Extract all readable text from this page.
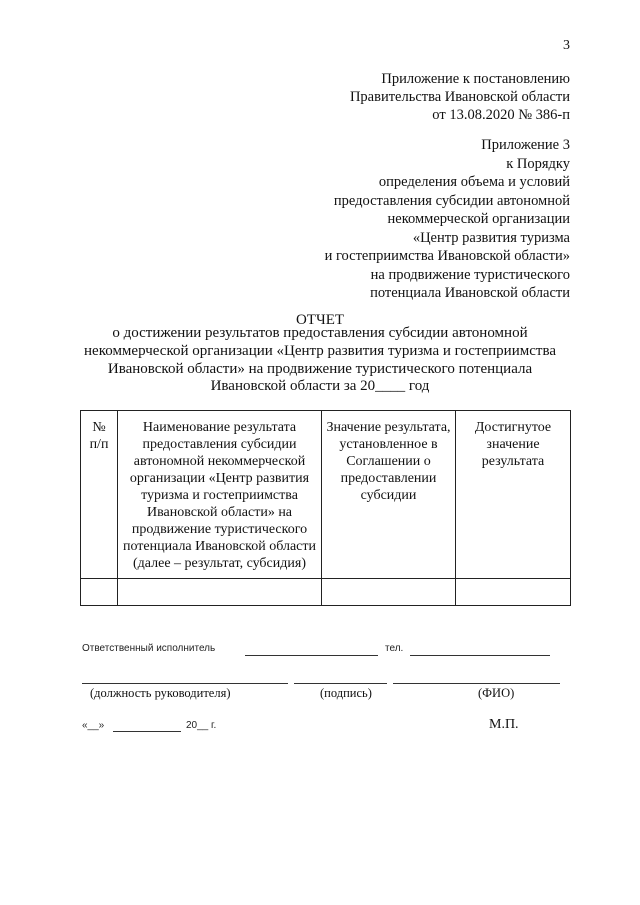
3
Приложение к постановлению
Правительства Ивановской области
от 13.08.2020 № 386-п
Приложение 3
к Порядку
определения объема и условий
предоставления субсидии автономной
некоммерческой организации
«Центр развития туризма
и гостеприимства Ивановской области»
на продвижение туристического
потенциала Ивановской области
ОТЧЕТ
о достижении результатов предоставления субсидии автономной
некоммерческой организации «Центр развития туризма и гостеприимства
Ивановской области» на продвижение туристического потенциала
Ивановской области за 20____ год
№
п/п	Наименование результата предоставления субсидии автономной некоммерческой организации «Центр развития туризма и гостеприимства Ивановской области» на продвижение туристического потенциала Ивановской области (далее – результат, субсидия)	Значение результата, установленное в Соглашении о предоставлении субсидии	Достигнутое значение результата

Ответственный исполнитель	тел.
(должность руководителя)	(подпись)	(ФИО)
«__»	20__ г.	М.П.
